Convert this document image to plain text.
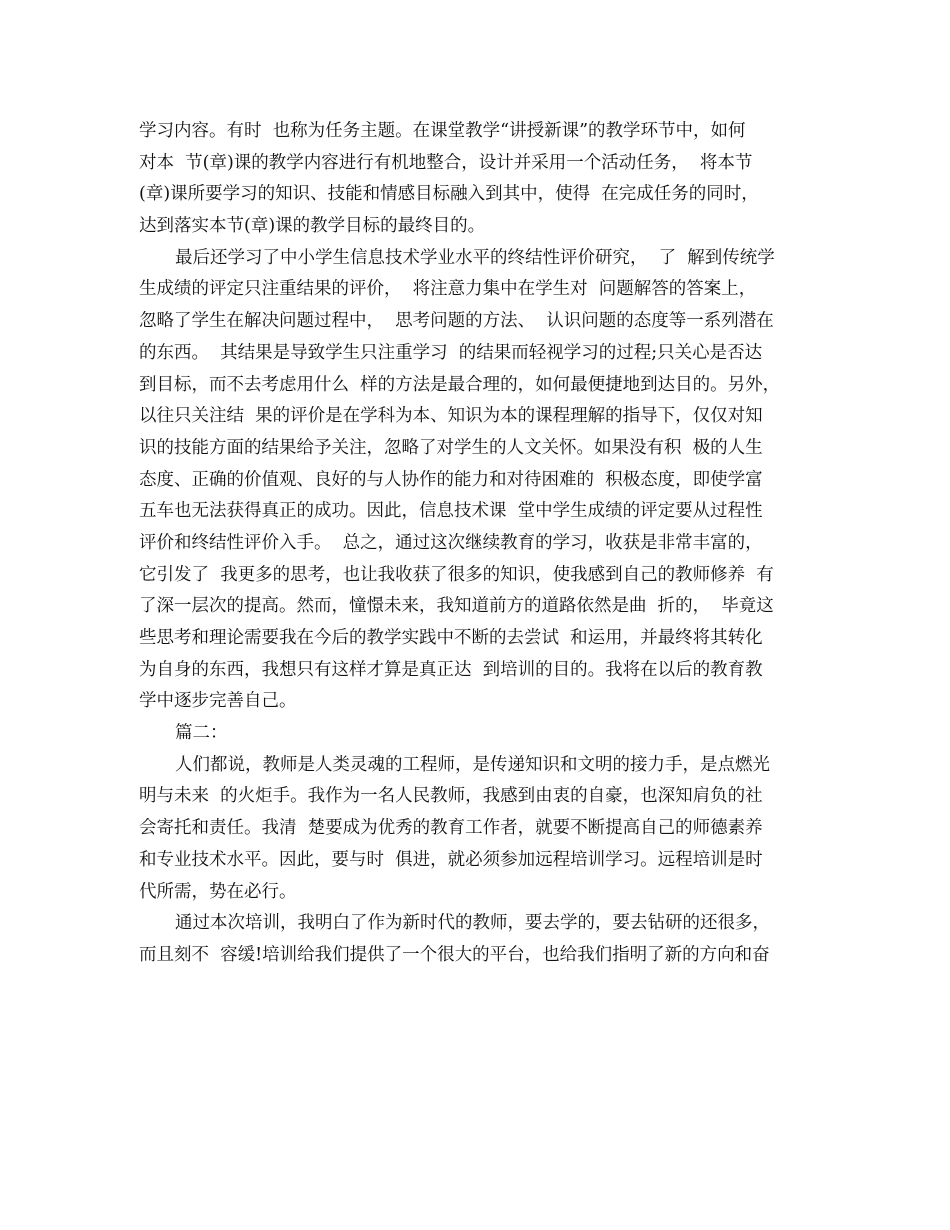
学习内容。有时  也称为任务主题。在课堂教学“讲授新课”的教学环节中，如何
对本  节(章)课的教学内容进行有机地整合，设计并采用一个活动任务，  将本节
(章)课所要学习的知识、技能和情感目标融入到其中，使得  在完成任务的同时，
达到落实本节(章)课的教学目标的最终目的。
最后还学习了中小学生信息技术学业水平的终结性评价研究，  了  解到传统学
生成绩的评定只注重结果的评价，  将注意力集中在学生对  问题解答的答案上，
忽略了学生在解决问题过程中，  思考问题的方法、  认识问题的态度等一系列潜在
的东西。  其结果是导致学生只注重学习  的结果而轻视学习的过程;只关心是否达
到目标，而不去考虑用什么  样的方法是最合理的，如何最便捷地到达目的。另外，
以往只关注结  果的评价是在学科为本、知识为本的课程理解的指导下，仅仅对知
识的技能方面的结果给予关注，忽略了对学生的人文关怀。如果没有积  极的人生
态度、正确的价值观、良好的与人协作的能力和对待困难的  积极态度，即使学富
五车也无法获得真正的成功。因此，信息技术课  堂中学生成绩的评定要从过程性
评价和终结性评价入手。  总之，通过这次继续教育的学习，收获是非常丰富的，
它引发了  我更多的思考，也让我收获了很多的知识，使我感到自己的教师修养  有
了深一层次的提高。然而，憧憬未来，我知道前方的道路依然是曲  折的，  毕竟这
些思考和理论需要我在今后的教学实践中不断的去尝试  和运用，并最终将其转化
为自身的东西，我想只有这样才算是真正达  到培训的目的。我将在以后的教育教
学中逐步完善自己。
篇二：
人们都说，教师是人类灵魂的工程师，是传递知识和文明的接力手，是点燃光
明与未来  的火炬手。我作为一名人民教师，我感到由衷的自豪，也深知肩负的社
会寄托和责任。我清  楚要成为优秀的教育工作者，就要不断提高自己的师德素养
和专业技术水平。因此，要与时  俱进，就必须参加远程培训学习。远程培训是时
代所需，势在必行。
通过本次培训，我明白了作为新时代的教师，要去学的，要去钻研的还很多，
而且刻不  容缓!培训给我们提供了一个很大的平台，也给我们指明了新的方向和奋
